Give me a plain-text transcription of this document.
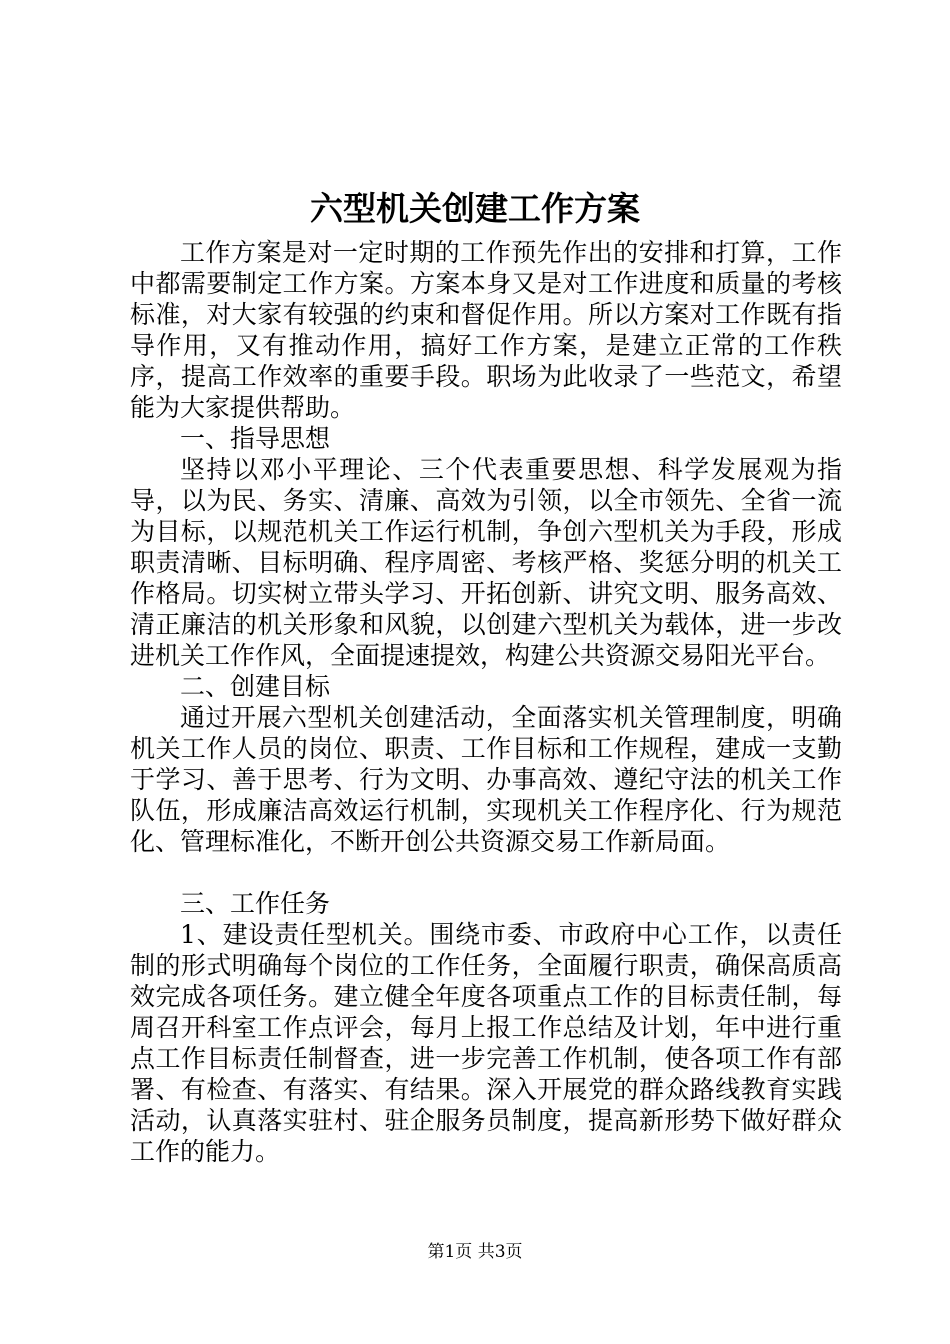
六型机关创建工作方案

工作方案是对一定时期的工作预先作出的安排和打算，工作中都需要制定工作方案。方案本身又是对工作进度和质量的考核标准，对大家有较强的约束和督促作用。所以方案对工作既有指导作用，又有推动作用，搞好工作方案，是建立正常的工作秩序，提高工作效率的重要手段。职场为此收录了一些范文，希望能为大家提供帮助。

一、指导思想

坚持以邓小平理论、三个代表重要思想、科学发展观为指导，以为民、务实、清廉、高效为引领，以全市领先、全省一流为目标，以规范机关工作运行机制，争创六型机关为手段，形成职责清晰、目标明确、程序周密、考核严格、奖惩分明的机关工作格局。切实树立带头学习、开拓创新、讲究文明、服务高效、清正廉洁的机关形象和风貌，以创建六型机关为载体，进一步改进机关工作作风，全面提速提效，构建公共资源交易阳光平台。

二、创建目标

通过开展六型机关创建活动，全面落实机关管理制度，明确机关工作人员的岗位、职责、工作目标和工作规程，建成一支勤于学习、善于思考、行为文明、办事高效、遵纪守法的机关工作队伍，形成廉洁高效运行机制，实现机关工作程序化、行为规范化、管理标准化，不断开创公共资源交易工作新局面。

三、工作任务

1、建设责任型机关。围绕市委、市政府中心工作，以责任制的形式明确每个岗位的工作任务，全面履行职责，确保高质高效完成各项任务。建立健全年度各项重点工作的目标责任制，每周召开科室工作点评会，每月上报工作总结及计划，年中进行重点工作目标责任制督查，进一步完善工作机制，使各项工作有部署、有检查、有落实、有结果。深入开展党的群众路线教育实践活动，认真落实驻村、驻企服务员制度，提高新形势下做好群众工作的能力。

第1页 共3页
